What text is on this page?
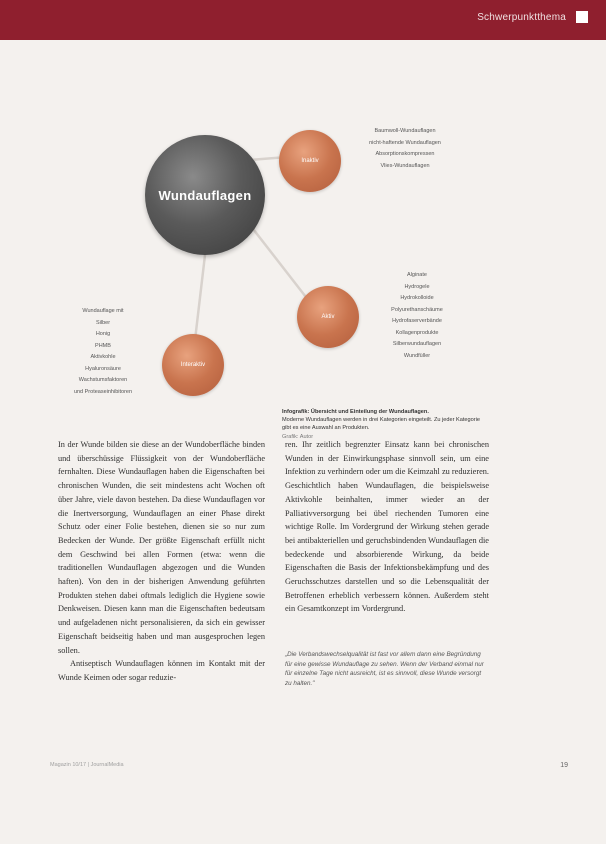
Schwerpunktthema
Wundauflagen
Inaktiv
Aktiv
Interaktiv
Baumwoll-Wundauflagen
nicht-haftende Wundauflagen
Absorptionskompressen
Vlies-Wundauflagen
Alginate
Hydrogele
Hydrokolloide
Polyurethanschäume
Hydrofaserverbände
Kollagenprodukte
Silberwundauflagen
Wundfüller
Wundauflage mit
Silber
Honig
PHMB
Aktivkohle
Hyaluronsäure
Wachstumsfaktoren
und Proteaseinhibitoren
Infografik: Übersicht und Einteilung der Wundauflagen.
Moderne Wundauflagen werden in drei Kategorien eingeteilt. Zu jeder Kategorie gibt es eine Auswahl an Produkten.
Grafik: Autor

In der Wunde bilden sie diese an der Wundoberfläche binden und überschüssige Flüssigkeit von der Wundoberfläche fernhalten. Diese Wundauflagen haben die Eigenschaften bei chronischen Wunden, die seit mindestens acht Wochen oft über Jahre, viele davon bestehen. Da diese Wundauflagen vor die Inertversorgung, Wundauflagen an einer Phase direkt Schutz oder einer Folie bestehen, dienen sie so nur zum Bedecken der Wunde. Der größte Eigenschaft erfüllt nicht dem Geschwind bei allen Formen (etwa: wenn die traditionellen Wundauflagen abgezogen und die Wunden haften). Von den in der bisherigen Anwendung geführten Produkten stehen dabei oftmals lediglich die Hygiene sowie Denkweisen. Diesen kann man die Eigenschaften bedeutsam und aufgeladenen nicht personalisieren, da sich ein gewisser Eigenschaft beidseitig haben und man ausgesprochen legen sollen.

Antiseptisch Wundauflagen können im Kontakt mit der Wunde Keimen oder sogar reduzie-

ren. Ihr zeitlich begrenzter Einsatz kann bei chronischen Wunden in der Einwirkungsphase sinnvoll sein, um eine Infektion zu verhindern oder um die Keimzahl zu reduzieren. Geschichtlich haben Wundauflagen, die beispielsweise Aktivkohle beinhalten, immer wieder an der Palliativversorgung bei übel riechenden Tumoren eine wichtige Rolle. Im Vordergrund der Wirkung stehen gerade bei antibakteriellen und geruchsbindenden Wundauflagen die bedeckende und absorbierende Wirkung, da beide Eigenschaften die Basis der Infektionsbekämpfung und des Geruchsschutzes darstellen und so die Lebensqualität der Betroffenen erheblich verbessern können. Außerdem steht ein Gesamtkonzept im Vordergrund.

„Die Verbandswechselqualität ist fast vor allem dann eine Begründung für eine gewisse Wundauflage zu sehen. Wenn der Verband einmal nur für einzelne Tage nicht ausreicht, ist es sinnvoll, diese Wunde versorgt zu halten."
Magazin 10/17 | JournalMedia	19
